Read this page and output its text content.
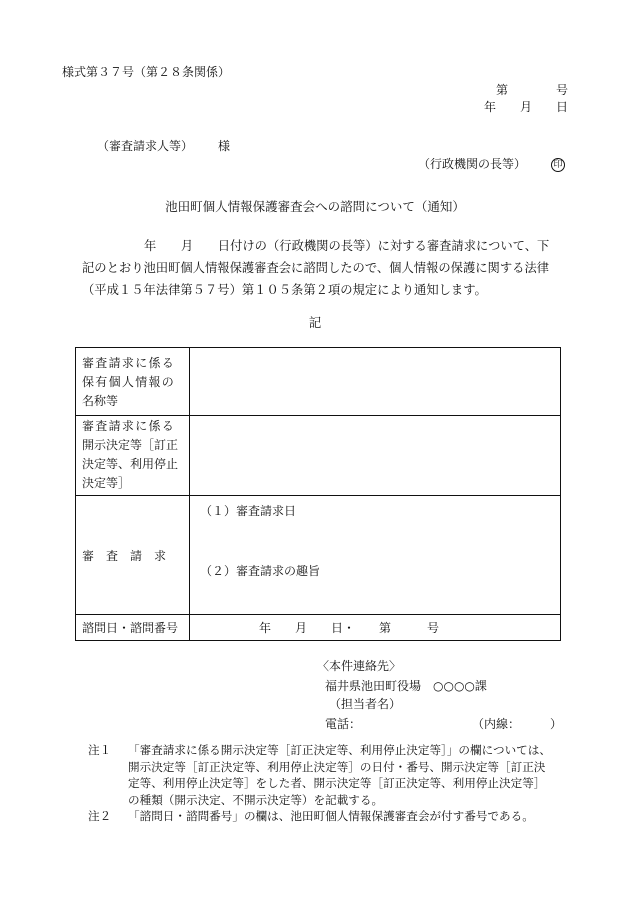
様式第３７号（第２８条関係）
第　　　　号
年　　月　　日
（審査請求人等） 様
（行政機関の長等）	印
池田町個人情報保護審査会への諮問について（通知）
年　　月　　日付けの（行政機関の長等）に対する審査請求について、下
記のとおり池田町個人情報保護審査会に諮問したので、個人情報の保護に関する法律
（平成１５年法律第５７号）第１０５条第２項の規定により通知します。
記
審査請求に係る
保有個人情報の
名称等	

審査請求に係る
開示決定等［訂正
決定等、利用停止
決定等］	

審　査　請　求	（１）審査請求日
（２）審査請求の趣旨

諮問日・諮問番号	年　　月　　日・　　第　　　号
〈本件連絡先〉
福井県池田町役場　○○○○課
（担当者名）
電話：	（内線：　　　）
注１	「審査請求に係る開示決定等［訂正決定等、利用停止決定等］」の欄については、
開示決定等［訂正決定等、利用停止決定等］の日付・番号、開示決定等［訂正決
定等、利用停止決定等］をした者、開示決定等［訂正決定等、利用停止決定等］
の種類（開示決定、不開示決定等）を記載する。
注２	「諮問日・諮問番号」の欄は、池田町個人情報保護審査会が付す番号である。
